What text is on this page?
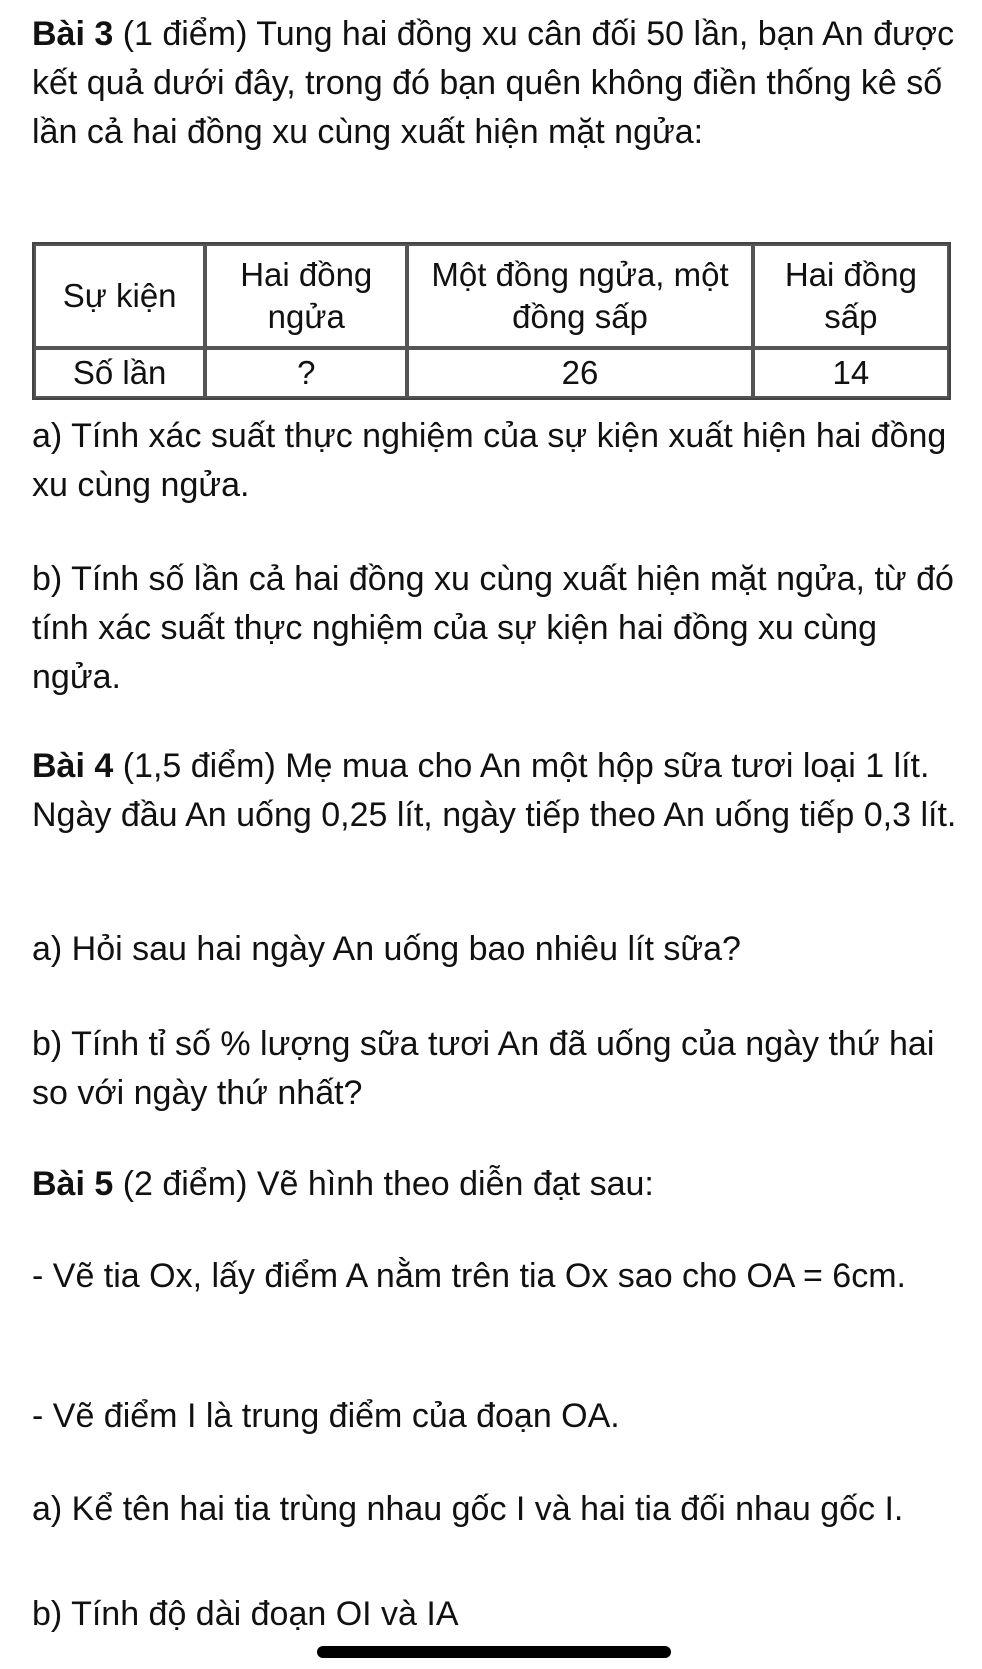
Bài 3 (1 điểm) Tung hai đồng xu cân đối 50 lần, bạn An được kết quả dưới đây, trong đó bạn quên không điền thống kê số lần cả hai đồng xu cùng xuất hiện mặt ngửa:

Sự kiện	Hai đồng ngửa	Một đồng ngửa, một đồng sấp	Hai đồng sấp
Số lần	?	26	14

a) Tính xác suất thực nghiệm của sự kiện xuất hiện hai đồng xu cùng ngửa.

b) Tính số lần cả hai đồng xu cùng xuất hiện mặt ngửa, từ đó tính xác suất thực nghiệm của sự kiện hai đồng xu cùng ngửa.

Bài 4 (1,5 điểm) Mẹ mua cho An một hộp sữa tươi loại 1 lít. Ngày đầu An uống 0,25 lít, ngày tiếp theo An uống tiếp 0,3 lít.

a) Hỏi sau hai ngày An uống bao nhiêu lít sữa?

b) Tính tỉ số % lượng sữa tươi An đã uống của ngày thứ hai so với ngày thứ nhất?

Bài 5 (2 điểm) Vẽ hình theo diễn đạt sau:

- Vẽ tia Ox, lấy điểm A nằm trên tia Ox sao cho OA = 6cm.

- Vẽ điểm I là trung điểm của đoạn OA.

a) Kể tên hai tia trùng nhau gốc I và hai tia đối nhau gốc I.

b) Tính độ dài đoạn OI và IA
